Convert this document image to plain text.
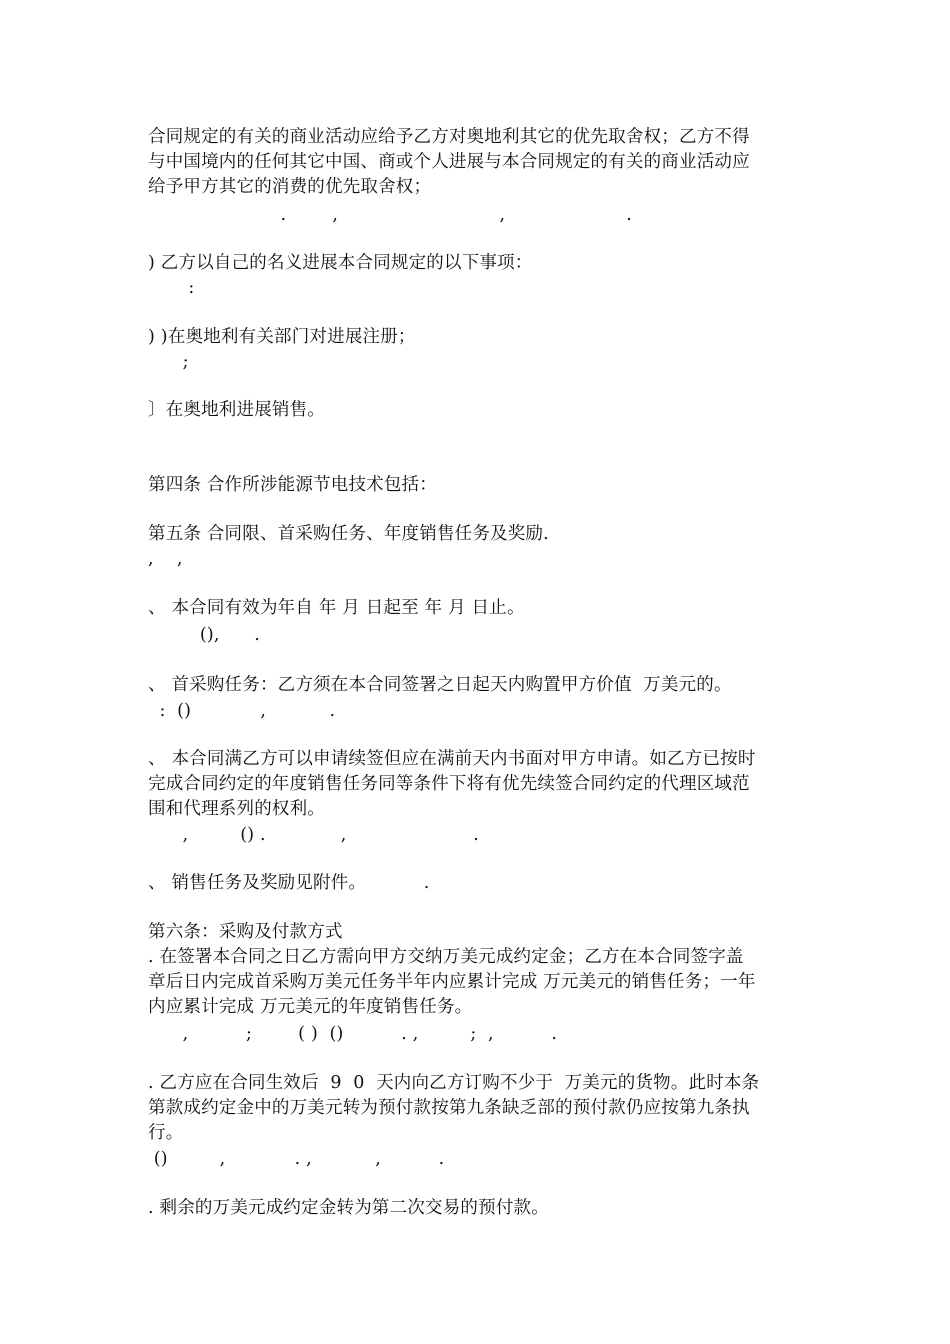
合同规定的有关的商业活动应给予乙方对奥地利其它的优先取舍权；乙方不得
与中国境内的任何其它中国、商或个人进展与本合同规定的有关的商业活动应
给予甲方其它的消费的优先取舍权；
.        ,                            ,                     .
) 乙方以自己的名义进展本合同规定的以下事项：
:
) )在奥地利有关部门对进展注册；
;
〕在奥地利进展销售。
第四条 合作所涉能源节电技术包括：
第五条 合同限、首采购任务、年度销售任务及奖励.
,    ,
、 本合同有效为年自 年 月 日起至 年 月 日止。
(),      .
、 首采购任务：乙方须在本合同签署之日起天内购置甲方价值  万美元的。
:  ()            ,           .
、 本合同满乙方可以申请续签但应在满前天内书面对甲方申请。如乙方已按时
完成合同约定的年度销售任务同等条件下将有优先续签合同约定的代理区域范
围和代理系列的权利。
,         () .             ,                      .
、 销售任务及奖励见附件。          .
第六条：采购及付款方式
. 在签署本合同之日乙方需向甲方交纳万美元成约定金；乙方在本合同签字盖
章后日内完成首采购万美元任务半年内应累计完成 万元美元的销售任务；一年
内应累计完成 万元美元的年度销售任务。
,          ;        ( )  ()          . ,         ;  ,          .
. 乙方应在合同生效后  9  0  天内向乙方订购不少于  万美元的货物。此时本条
第款成约定金中的万美元转为预付款按第九条缺乏部的预付款仍应按第九条执
行。
()         ,            . ,           ,          .
. 剩余的万美元成约定金转为第二次交易的预付款。
